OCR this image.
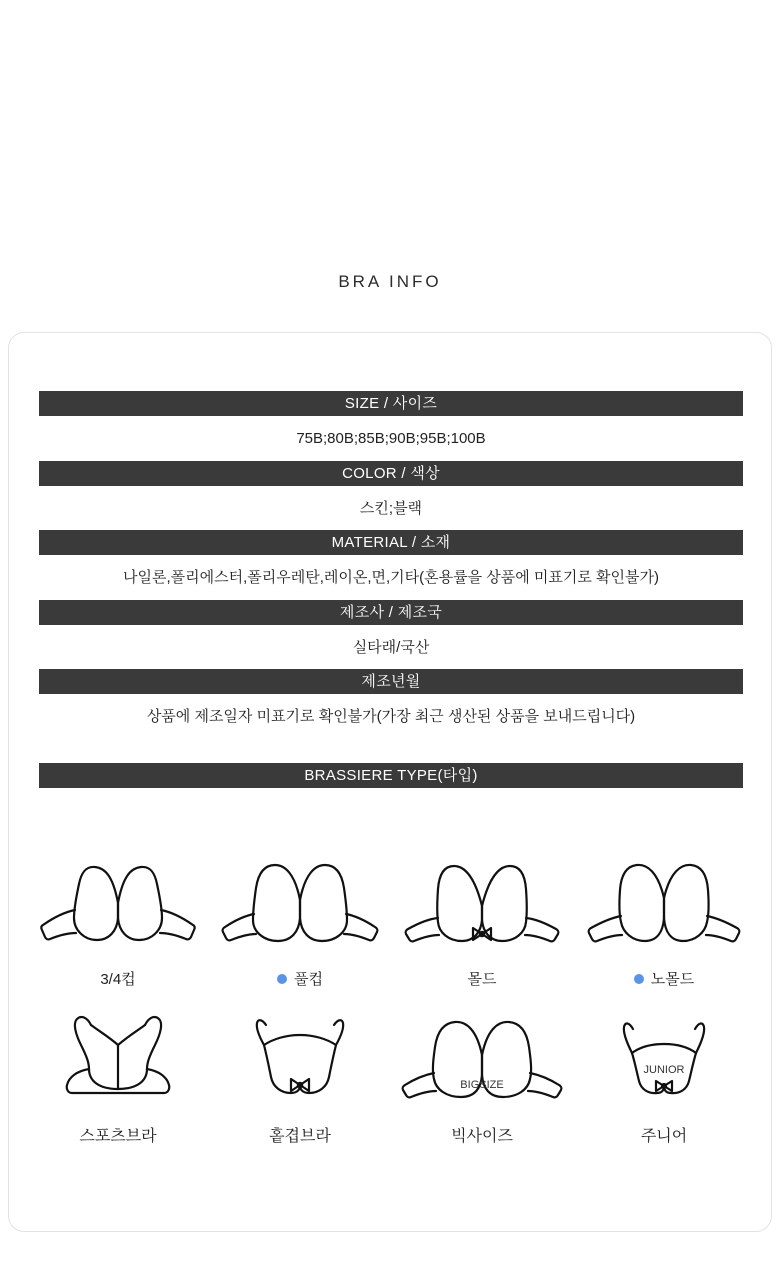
BRA INFO
SIZE / 사이즈
75B;80B;85B;90B;95B;100B
COLOR / 색상
스킨;블랙
MATERIAL / 소재
나일론,폴리에스터,폴리우레탄,레이온,면,기타(혼용률을 상품에 미표기로 확인불가)
제조사 / 제조국
실타래/국산
제조년월
상품에 제조일자 미표기로 확인불가(가장 최근 생산된 상품을 보내드립니다)
BRASSIERE TYPE(타입)
3/4컵	풀컵	몰드	노몰드
스포츠브라	홑겹브라
BIGSIZE
빅사이즈
JUNIOR
주니어
